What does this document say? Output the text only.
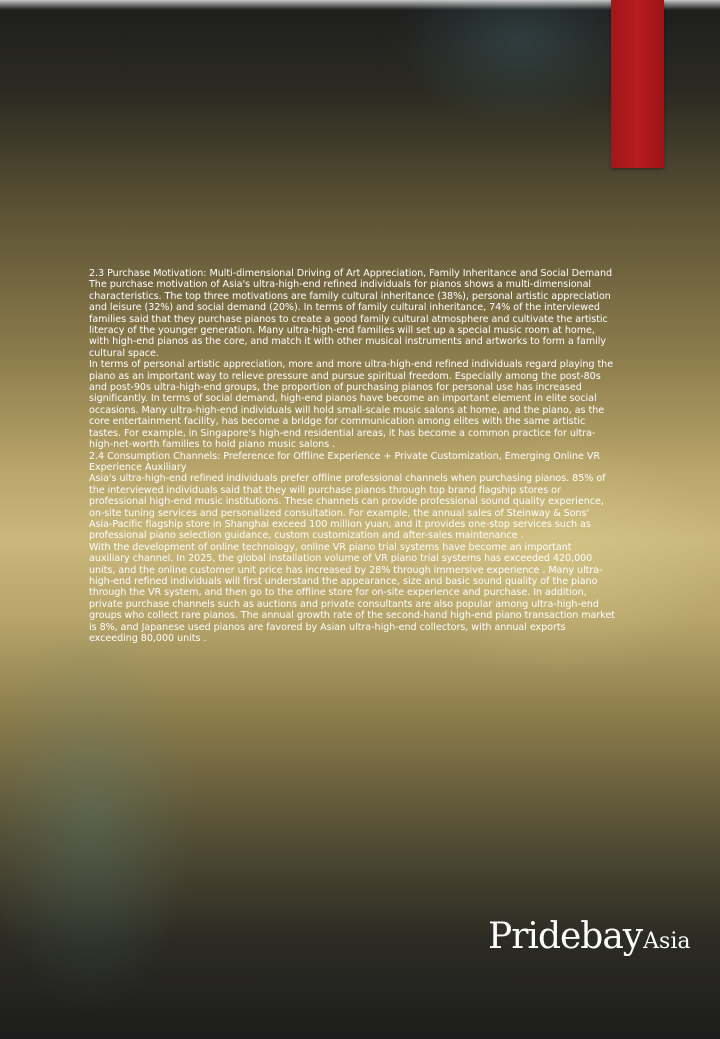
2.3 Purchase Motivation: Multi-dimensional Driving of Art Appreciation, Family Inheritance and Social Demand

The purchase motivation of Asia's ultra-high-end refined individuals for pianos shows a multi-dimensional characteristics. The top three motivations are family cultural inheritance (38%), personal artistic appreciation and leisure (32%) and social demand (20%). In terms of family cultural inheritance, 74% of the interviewed families said that they purchase pianos to create a good family cultural atmosphere and cultivate the artistic literacy of the younger generation. Many ultra-high-end families will set up a special music room at home, with high-end pianos as the core, and match it with other musical instruments and artworks to form a family cultural space.

In terms of personal artistic appreciation, more and more ultra-high-end refined individuals regard playing the piano as an important way to relieve pressure and pursue spiritual freedom. Especially among the post-80s and post-90s ultra-high-end groups, the proportion of purchasing pianos for personal use has increased significantly. In terms of social demand, high-end pianos have become an important element in elite social occasions. Many ultra-high-end individuals will hold small-scale music salons at home, and the piano, as the core entertainment facility, has become a bridge for communication among elites with the same artistic tastes. For example, in Singapore's high-end residential areas, it has become a common practice for ultra-high-net-worth families to hold piano music salons .

2.4 Consumption Channels: Preference for Offline Experience + Private Customization, Emerging Online VR Experience Auxiliary

Asia's ultra-high-end refined individuals prefer offline professional channels when purchasing pianos. 85% of the interviewed individuals said that they will purchase pianos through top brand flagship stores or professional high-end music institutions. These channels can provide professional sound quality experience, on-site tuning services and personalized consultation. For example, the annual sales of Steinway & Sons' Asia-Pacific flagship store in Shanghai exceed 100 million yuan, and it provides one-stop services such as professional piano selection guidance, custom customization and after-sales maintenance .

With the development of online technology, online VR piano trial systems have become an important auxiliary channel. In 2025, the global installation volume of VR piano trial systems has exceeded 420,000 units, and the online customer unit price has increased by 28% through immersive experience . Many ultra-high-end refined individuals will first understand the appearance, size and basic sound quality of the piano through the VR system, and then go to the offline store for on-site experience and purchase. In addition, private purchase channels such as auctions and private consultants are also popular among ultra-high-end groups who collect rare pianos. The annual growth rate of the second-hand high-end piano transaction market is 8%, and Japanese used pianos are favored by Asian ultra-high-end collectors, with annual exports exceeding 80,000 units .

PridebayAsia
